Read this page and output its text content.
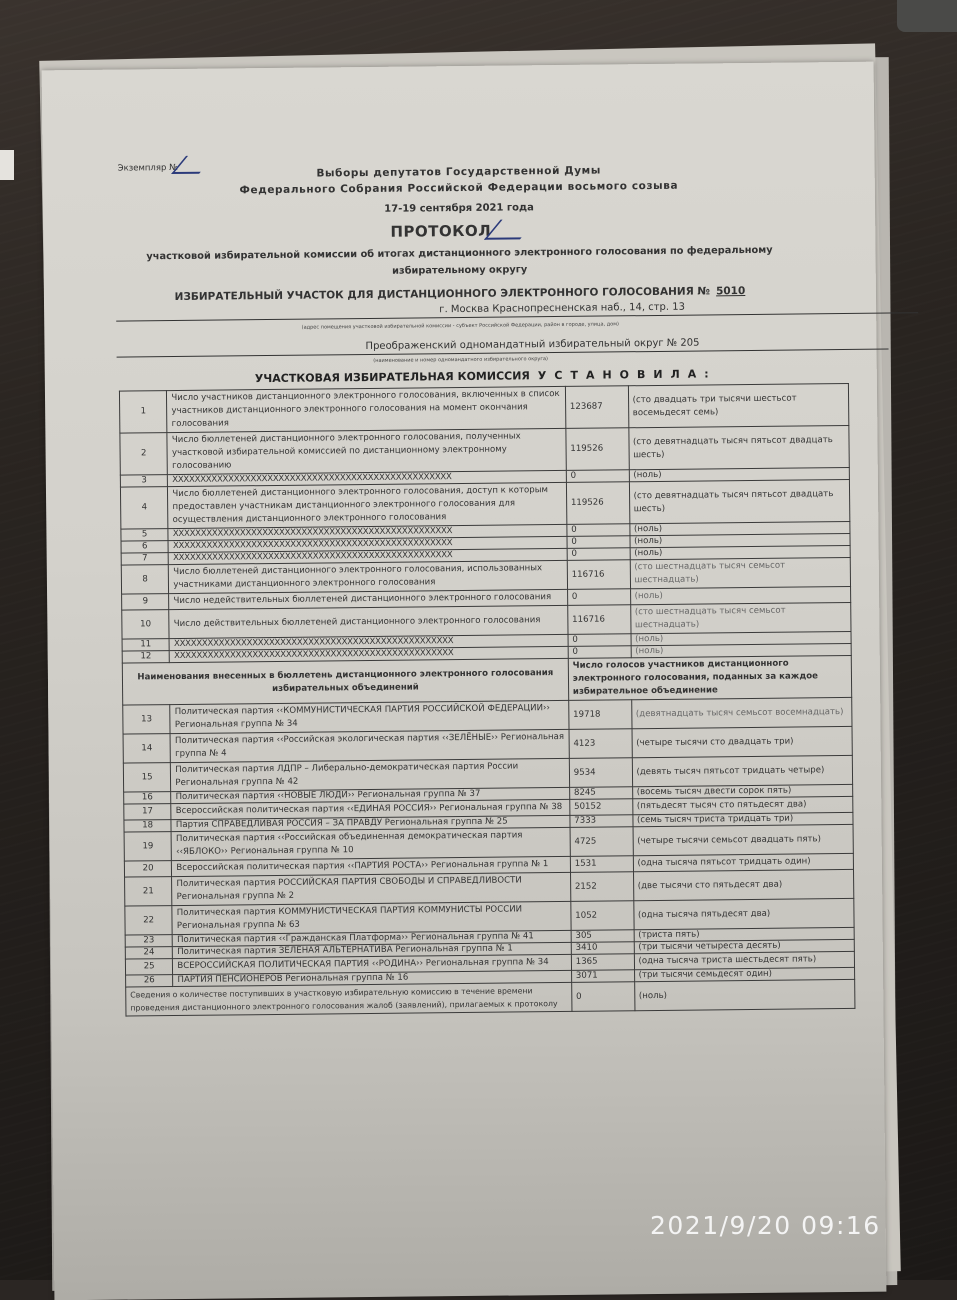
Экземпляр №	Выборы депутатов Государственной Думы
Федерального Собрания Российской Федерации восьмого созыва
17-19 сентября 2021 года
ПРОТОКОЛ
участковой избирательной комиссии об итогах дистанционного электронного голосования по федеральному
избирательному округу
ИЗБИРАТЕЛЬНЫЙ УЧАСТОК ДЛЯ ДИСТАНЦИОННОГО ЭЛЕКТРОННОГО ГОЛОСОВАНИЯ № 5010
г. Москва Краснопресненская наб., 14, стр. 13
(адрес помещения участковой избирательной комиссии - субъект Российской Федерации, район в городе, улица, дом)
Преображенский одномандатный избирательный округ № 205
(наименование и номер одномандатного избирательного округа)
УЧАСТКОВАЯ ИЗБИРАТЕЛЬНАЯ КОМИССИЯ УСТАНОВИЛА:
1	Число участников дистанционного электронного голосования, включенных в список участников дистанционного электронного голосования на момент окончания голосования	123687	(сто двадцать три тысячи шестьсот восемьдесят семь)
2	Число бюллетеней дистанционного электронного голосования, полученных участковой избирательной комиссией по дистанционному электронному голосованию	119526	(сто девятнадцать тысяч пятьсот двадцать шесть)
3	XXXXXXXXXXXXXXXXXXXXXXXXXXXXXXXXXXXXXXXXXXXXXXXXXX	0	(ноль)
4	Число бюллетеней дистанционного электронного голосования, доступ к которым предоставлен участникам дистанционного электронного голосования для осуществления дистанционного электронного голосования	119526	(сто девятнадцать тысяч пятьсот двадцать шесть)
5	XXXXXXXXXXXXXXXXXXXXXXXXXXXXXXXXXXXXXXXXXXXXXXXXXX	0	(ноль)
6	XXXXXXXXXXXXXXXXXXXXXXXXXXXXXXXXXXXXXXXXXXXXXXXXXX	0	(ноль)
7	XXXXXXXXXXXXXXXXXXXXXXXXXXXXXXXXXXXXXXXXXXXXXXXXXX	0	(ноль)
8	Число бюллетеней дистанционного электронного голосования, использованных участниками дистанционного электронного голосования	116716	(сто шестнадцать тысяч семьсот шестнадцать)
9	Число недействительных бюллетеней дистанционного электронного голосования	0	(ноль)
10	Число действительных бюллетеней дистанционного электронного голосования	116716	(сто шестнадцать тысяч семьсот шестнадцать)
11	XXXXXXXXXXXXXXXXXXXXXXXXXXXXXXXXXXXXXXXXXXXXXXXXXX	0	(ноль)
12	XXXXXXXXXXXXXXXXXXXXXXXXXXXXXXXXXXXXXXXXXXXXXXXXXX	0	(ноль)
Наименования внесенных в бюллетень дистанционного электронного голосования избирательных объединений		Число голосов участников дистанционного электронного голосования, поданных за каждое избирательное объединение	
13	Политическая партия ‹‹КОММУНИСТИЧЕСКАЯ ПАРТИЯ РОССИЙСКОЙ ФЕДЕРАЦИИ›› Региональная группа № 34	19718	(девятнадцать тысяч семьсот восемнадцать)
14	Политическая партия ‹‹Российская экологическая партия ‹‹ЗЕЛЁНЫЕ›› Региональная группа № 4	4123	(четыре тысячи сто двадцать три)
15	Политическая партия ЛДПР – Либерально-демократическая партия России Региональная группа № 42	9534	(девять тысяч пятьсот тридцать четыре)
16	Политическая партия ‹‹НОВЫЕ ЛЮДИ›› Региональная группа № 37	8245	(восемь тысяч двести сорок пять)
17	Всероссийская политическая партия ‹‹ЕДИНАЯ РОССИЯ›› Региональная группа № 38	50152	(пятьдесят тысяч сто пятьдесят два)
18	Партия СПРАВЕДЛИВАЯ РОССИЯ – ЗА ПРАВДУ Региональная группа № 25	7333	(семь тысяч триста тридцать три)
19	Политическая партия ‹‹Российская объединенная демократическая партия ‹‹ЯБЛОКО›› Региональная группа № 10	4725	(четыре тысячи семьсот двадцать пять)
20	Всероссийская политическая партия ‹‹ПАРТИЯ РОСТА›› Региональная группа № 1	1531	(одна тысяча пятьсот тридцать один)
21	Политическая партия РОССИЙСКАЯ ПАРТИЯ СВОБОДЫ И СПРАВЕДЛИВОСТИ Региональная группа № 2	2152	(две тысячи сто пятьдесят два)
22	Политическая партия КОММУНИСТИЧЕСКАЯ ПАРТИЯ КОММУНИСТЫ РОССИИ Региональная группа № 63	1052	(одна тысяча пятьдесят два)
23	Политическая партия ‹‹Гражданская Платформа›› Региональная группа № 41	305	(триста пять)
24	Политическая партия ЗЕЛЕНАЯ АЛЬТЕРНАТИВА Региональная группа № 1	3410	(три тысячи четыреста десять)
25	ВСЕРОССИЙСКАЯ ПОЛИТИЧЕСКАЯ ПАРТИЯ ‹‹РОДИНА›› Региональная группа № 34	1365	(одна тысяча триста шестьдесят пять)
26	ПАРТИЯ ПЕНСИОНЕРОВ Региональная группа № 16	3071	(три тысячи семьдесят один)
Сведения о количестве поступивших в участковую избирательную комиссию в течение времени проведения дистанционного электронного голосования жалоб (заявлений), прилагаемых к протоколу		0	(ноль)
2021/9/20 09:16
